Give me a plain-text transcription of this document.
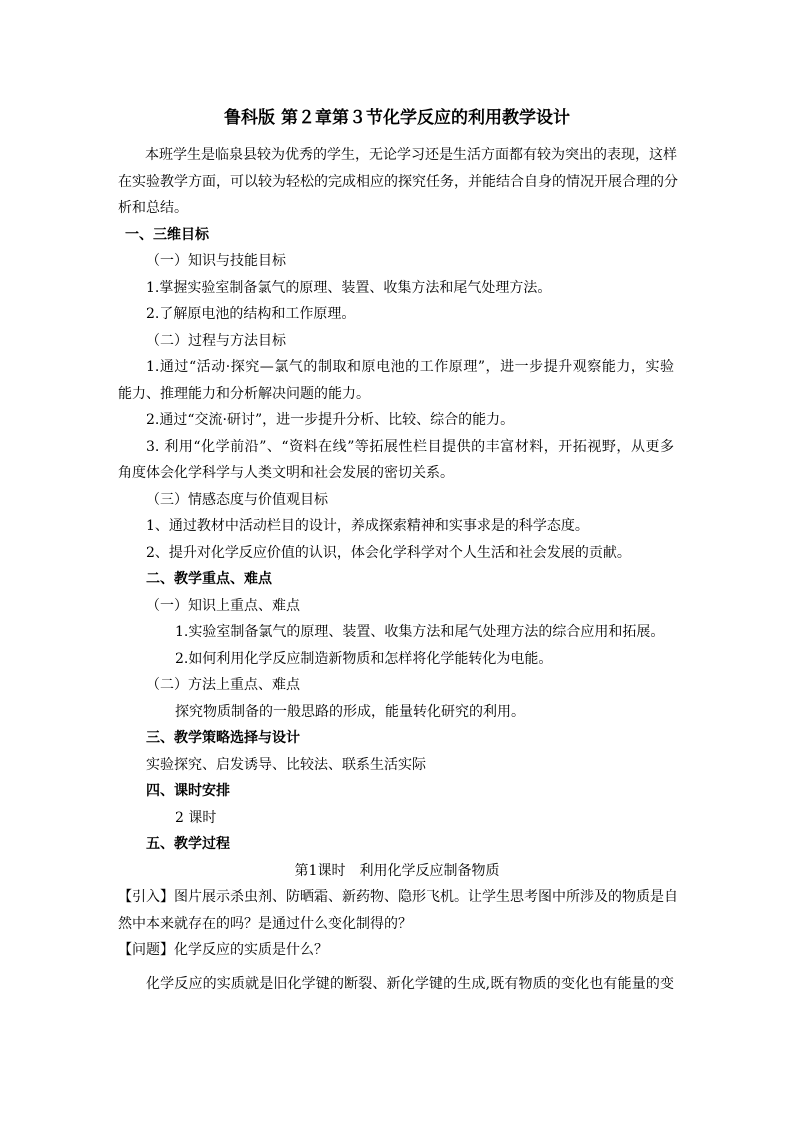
鲁科版 第２章第３节化学反应的利用教学设计
本班学生是临泉县较为优秀的学生，无论学习还是生活方面都有较为突出的表现，这样
在实验教学方面，可以较为轻松的完成相应的探究任务，并能结合自身的情况开展合理的分
析和总结。
一、三维目标
（一）知识与技能目标
1.掌握实验室制备氯气的原理、装置、收集方法和尾气处理方法。
2.了解原电池的结构和工作原理。
（二）过程与方法目标
1.通过“活动·探究—氯气的制取和原电池的工作原理”，进一步提升观察能力，实验
能力、推理能力和分析解决问题的能力。
2.通过“交流·研讨”，进一步提升分析、比较、综合的能力。
3. 利用“化学前沿”、“资料在线”等拓展性栏目提供的丰富材料，开拓视野，从更多
角度体会化学科学与人类文明和社会发展的密切关系。
（三）情感态度与价值观目标
1、通过教材中活动栏目的设计，养成探索精神和实事求是的科学态度。
2、提升对化学反应价值的认识，体会化学科学对个人生活和社会发展的贡献。
二、教学重点、难点
（一）知识上重点、难点
1.实验室制备氯气的原理、装置、收集方法和尾气处理方法的综合应用和拓展。
2.如何利用化学反应制造新物质和怎样将化学能转化为电能。
（二）方法上重点、难点
探究物质制备的一般思路的形成，能量转化研究的利用。
三、教学策略选择与设计
实验探究、启发诱导、比较法、联系生活实际
四、课时安排
2 课时
五、教学过程
第1课时　利用化学反应制备物质
【引入】图片展示杀虫剂、防晒霜、新药物、隐形飞机。让学生思考图中所涉及的物质是自
然中本来就存在的吗？是通过什么变化制得的？
【问题】化学反应的实质是什么？
化学反应的实质就是旧化学键的断裂、新化学键的生成,既有物质的变化也有能量的变
